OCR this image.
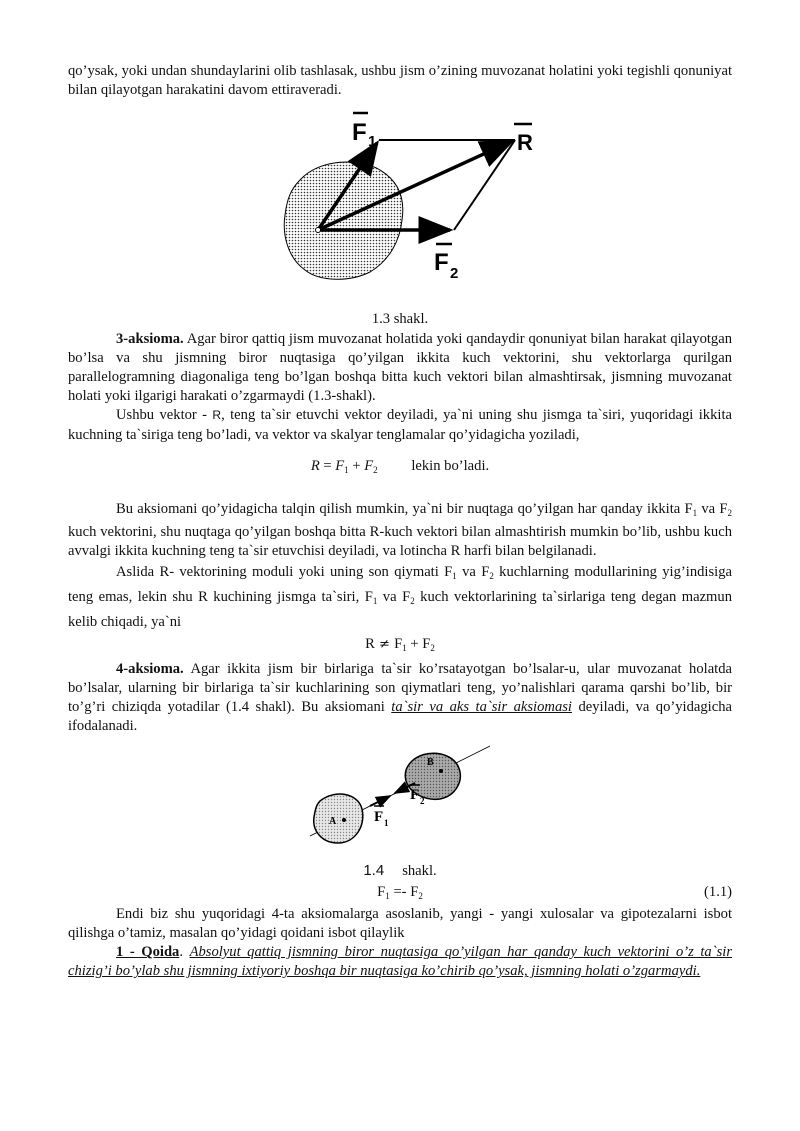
qo’ysak, yoki undan shundaylarini olib tashlasak, ushbu jism o’zining muvozanat holatini yoki tegishli qonuniyat bilan qilayotgan harakatini davom ettiraveradi.

F 1	R
F 2

1.3 shakl.

3-aksioma. Agar biror qattiq jism muvozanat holatida yoki qandaydir qonuniyat bilan harakat qilayotgan bo’lsa va shu jismning biror nuqtasiga qo’yilgan ikkita kuch vektorini, shu vektorlarga qurilgan parallelogramning diagonaliga teng bo’lgan boshqa bitta kuch vektori bilan almashtirsak, jismning muvozanat holati yoki ilgarigi harakati o’zgarmaydi (1.3-shakl).

Ushbu vektor - R, teng ta`sir etuvchi vektor deyiladi, ya`ni uning shu jismga ta`siri, yuqoridagi ikkita kuchning ta`siriga teng bo’ladi, va vektor va skalyar tenglamalar qo’yidagicha yoziladi,

$R = F_1 + F_2$ lekin bo’ladi.

Bu aksiomani qo’yidagicha talqin qilish mumkin, ya`ni bir nuqtaga qo’yilgan har qanday ikkita $F_1$ va $F_2$ kuch vektorini, shu nuqtaga qo’yilgan boshqa bitta R-kuch vektori bilan almashtirish mumkin bo’lib, ushbu kuch avvalgi ikkita kuchning teng ta`sir etuvchisi deyiladi, va lotincha R harfi bilan belgilanadi.

Aslida R- vektorining moduli yoki uning son qiymati $F_1$ va $F_2$ kuchlarning modullarining yig’indisiga teng emas, lekin shu R kuchining jismga ta`siri, $F_1$ va $F_2$ kuch vektorlarining ta`sirlariga teng degan mazmun kelib chiqadi, ya`ni

$R \ne F_1 + F_2$

4-aksioma. Agar ikkita jism bir birlariga ta`sir ko’rsatayotgan bo’lsalar-u, ular muvozanat holatda bo’lsalar, ularning bir birlariga ta`sir kuchlarining son qiymatlari teng, yo’nalishlari qarama qarshi bo’lib, bir to’g’ri chiziqda yotadilar (1.4 shakl). Bu aksiomani ta`sir va aks ta`sir aksiomasi deyiladi, va qo’yidagicha ifodalanadi.

A
B
F 1
F 2
1.4 shakl.
$F_1 =- F_2$	(1.1)

Endi biz shu yuqoridagi 4-ta aksiomalarga asoslanib, yangi - yangi xulosalar va gipotezalarni isbot qilishga o’tamiz, masalan qo’yidagi qoidani isbot qilaylik

1 - Qoida. Absolyut qattiq jismning biror nuqtasiga qo’yilgan har qanday kuch vektorini o’z ta`sir chizig’i bo’ylab shu jismning ixtiyoriy boshqa bir nuqtasiga ko’chirib qo’ysak, jismning holati o’zgarmaydi.
